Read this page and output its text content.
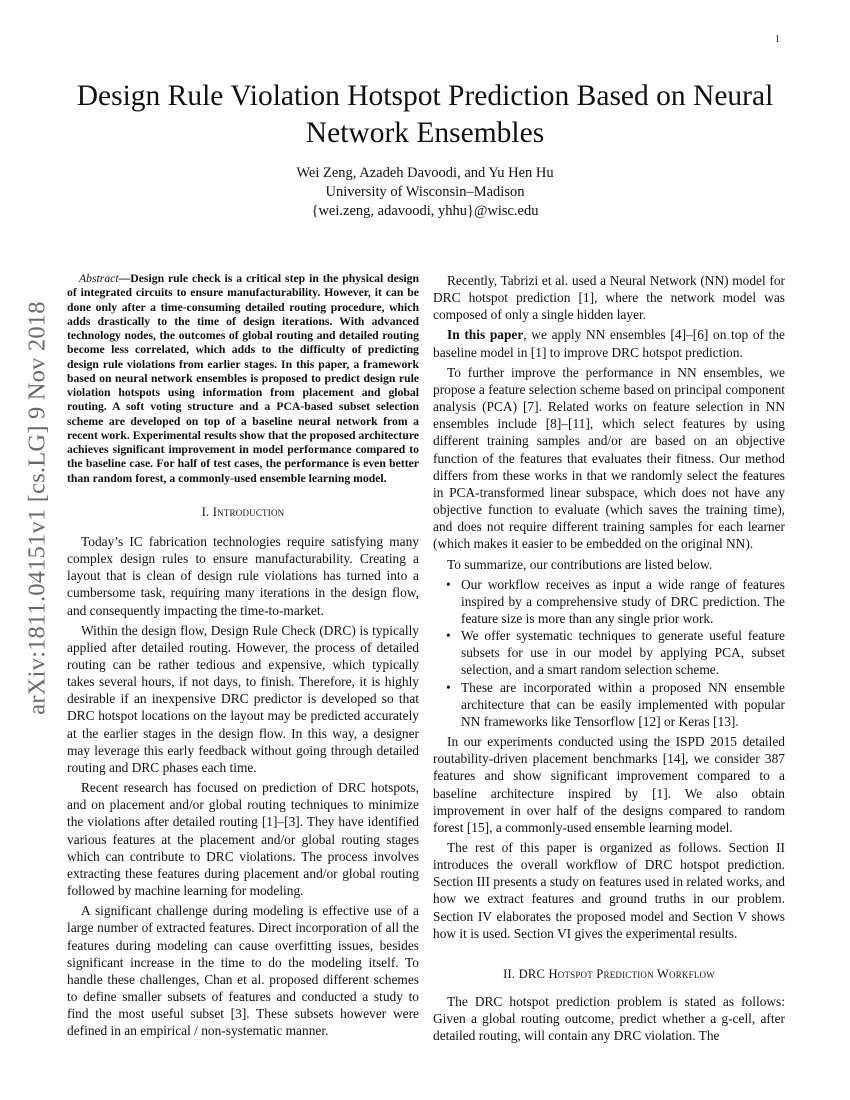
1
arXiv:1811.04151v1 [cs.LG] 9 Nov 2018
Design Rule Violation Hotspot Prediction Based on Neural Network Ensembles
Wei Zeng, Azadeh Davoodi, and Yu Hen Hu
University of Wisconsin–Madison
{wei.zeng, adavoodi, yhhu}@wisc.edu

Abstract—Design rule check is a critical step in the physical design of integrated circuits to ensure manufacturability. However, it can be done only after a time-consuming detailed routing procedure, which adds drastically to the time of design iterations. With advanced technology nodes, the outcomes of global routing and detailed routing become less correlated, which adds to the difficulty of predicting design rule violations from earlier stages. In this paper, a framework based on neural network ensembles is proposed to predict design rule violation hotspots using information from placement and global routing. A soft voting structure and a PCA-based subset selection scheme are developed on top of a baseline neural network from a recent work. Experimental results show that the proposed architecture achieves significant improvement in model performance compared to the baseline case. For half of test cases, the performance is even better than random forest, a commonly-used ensemble learning model.

I. Introduction

Today’s IC fabrication technologies require satisfying many complex design rules to ensure manufacturability. Creating a layout that is clean of design rule violations has turned into a cumbersome task, requiring many iterations in the design flow, and consequently impacting the time-to-market.

Within the design flow, Design Rule Check (DRC) is typically applied after detailed routing. However, the process of detailed routing can be rather tedious and expensive, which typically takes several hours, if not days, to finish. Therefore, it is highly desirable if an inexpensive DRC predictor is developed so that DRC hotspot locations on the layout may be predicted accurately at the earlier stages in the design flow. In this way, a designer may leverage this early feedback without going through detailed routing and DRC phases each time.

Recent research has focused on prediction of DRC hotspots, and on placement and/or global routing techniques to minimize the violations after detailed routing [1]–[3]. They have identified various features at the placement and/or global routing stages which can contribute to DRC violations. The process involves extracting these features during placement and/or global routing followed by machine learning for modeling.

A significant challenge during modeling is effective use of a large number of extracted features. Direct incorporation of all the features during modeling can cause overfitting issues, besides significant increase in the time to do the modeling itself. To handle these challenges, Chan et al. proposed different schemes to define smaller subsets of features and conducted a study to find the most useful subset [3]. These subsets however were defined in an empirical / non-systematic manner.

Recently, Tabrizi et al. used a Neural Network (NN) model for DRC hotspot prediction [1], where the network model was composed of only a single hidden layer.

In this paper, we apply NN ensembles [4]–[6] on top of the baseline model in [1] to improve DRC hotspot prediction.

To further improve the performance in NN ensembles, we propose a feature selection scheme based on principal component analysis (PCA) [7]. Related works on feature selection in NN ensembles include [8]–[11], which select features by using different training samples and/or are based on an objective function of the features that evaluates their fitness. Our method differs from these works in that we randomly select the features in PCA-transformed linear subspace, which does not have any objective function to evaluate (which saves the training time), and does not require different training samples for each learner (which makes it easier to be embedded on the original NN).

To summarize, our contributions are listed below.

• Our workflow receives as input a wide range of features inspired by a comprehensive study of DRC prediction. The feature size is more than any single prior work.
• We offer systematic techniques to generate useful feature subsets for use in our model by applying PCA, subset selection, and a smart random selection scheme.
• These are incorporated within a proposed NN ensemble architecture that can be easily implemented with popular NN frameworks like Tensorflow [12] or Keras [13].

In our experiments conducted using the ISPD 2015 detailed routability-driven placement benchmarks [14], we consider 387 features and show significant improvement compared to a baseline architecture inspired by [1]. We also obtain improvement in over half of the designs compared to random forest [15], a commonly-used ensemble learning model.

The rest of this paper is organized as follows. Section II introduces the overall workflow of DRC hotspot prediction. Section III presents a study on features used in related works, and how we extract features and ground truths in our problem. Section IV elaborates the proposed model and Section V shows how it is used. Section VI gives the experimental results.

II. DRC Hotspot Prediction Workflow

The DRC hotspot prediction problem is stated as follows: Given a global routing outcome, predict whether a g-cell, after detailed routing, will contain any DRC violation. The
